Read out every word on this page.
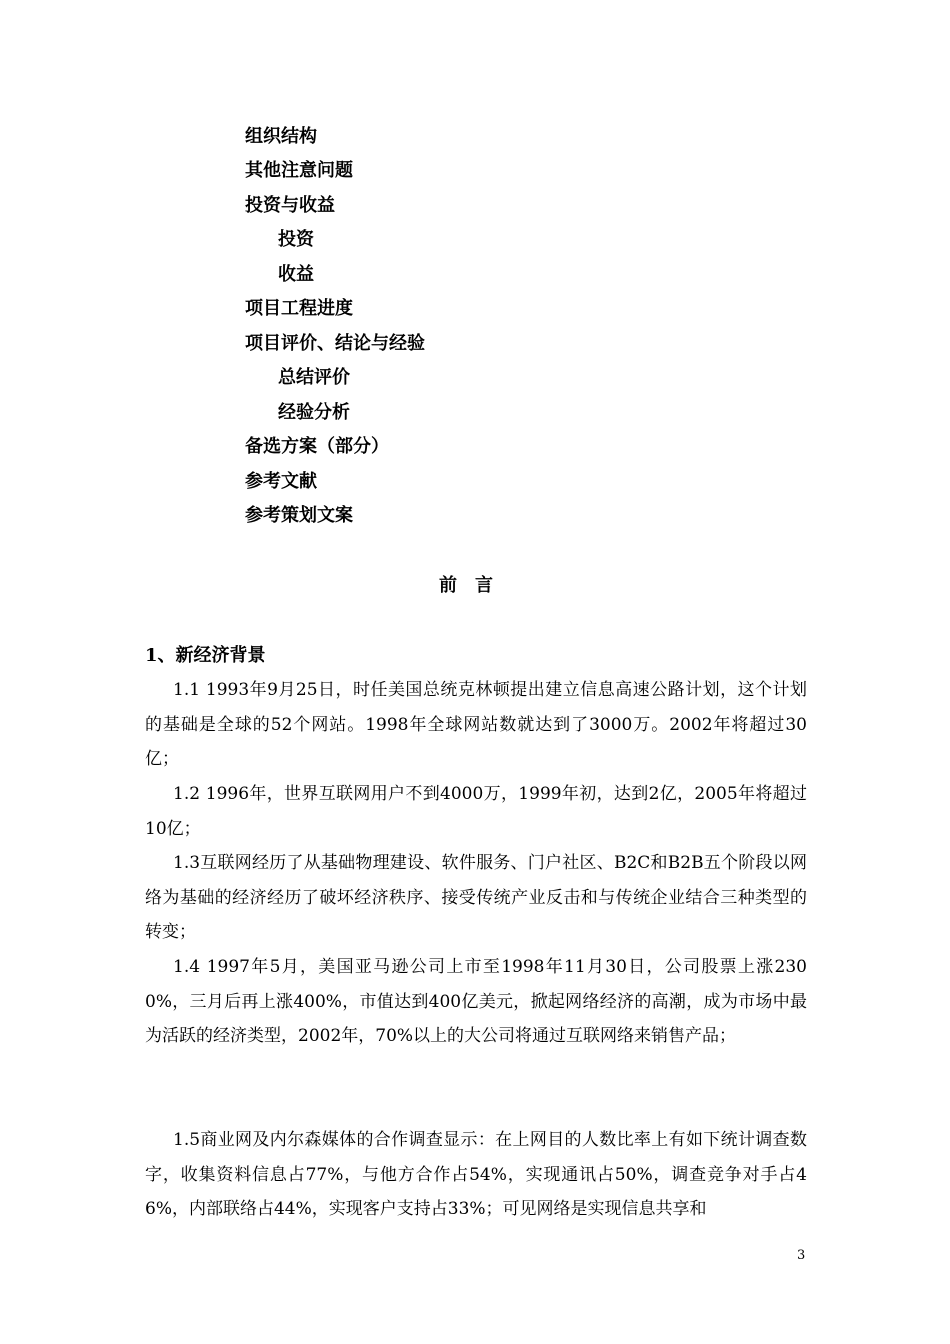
组织结构
其他注意问题
投资与收益
投资
收益
项目工程进度
项目评价、结论与经验
总结评价
经验分析
备选方案（部分）
参考文献
参考策划文案
前言
1、新经济背景

1.1 1993年9月25日，时任美国总统克林顿提出建立信息高速公路计划，这个计划的基础是全球的52个网站。1998年全球网站数就达到了3000万。2002年将超过30亿；

1.2 1996年，世界互联网用户不到4000万，1999年初，达到2亿，2005年将超过10亿；

1.3互联网经历了从基础物理建设、软件服务、门户社区、B2C和B2B五个阶段以网络为基础的经济经历了破坏经济秩序、接受传统产业反击和与传统企业结合三种类型的转变；

1.4 1997年5月，美国亚马逊公司上市至1998年11月30日，公司股票上涨2300%，三月后再上涨400%，市值达到400亿美元，掀起网络经济的高潮，成为市场中最为活跃的经济类型，2002年，70%以上的大公司将通过互联网络来销售产品；

1.5商业网及内尔森媒体的合作调查显示：在上网目的人数比率上有如下统计调查数字，收集资料信息占77%，与他方合作占54%，实现通讯占50%，调查竞争对手占46%，内部联络占44%，实现客户支持占33%；可见网络是实现信息共享和

3
